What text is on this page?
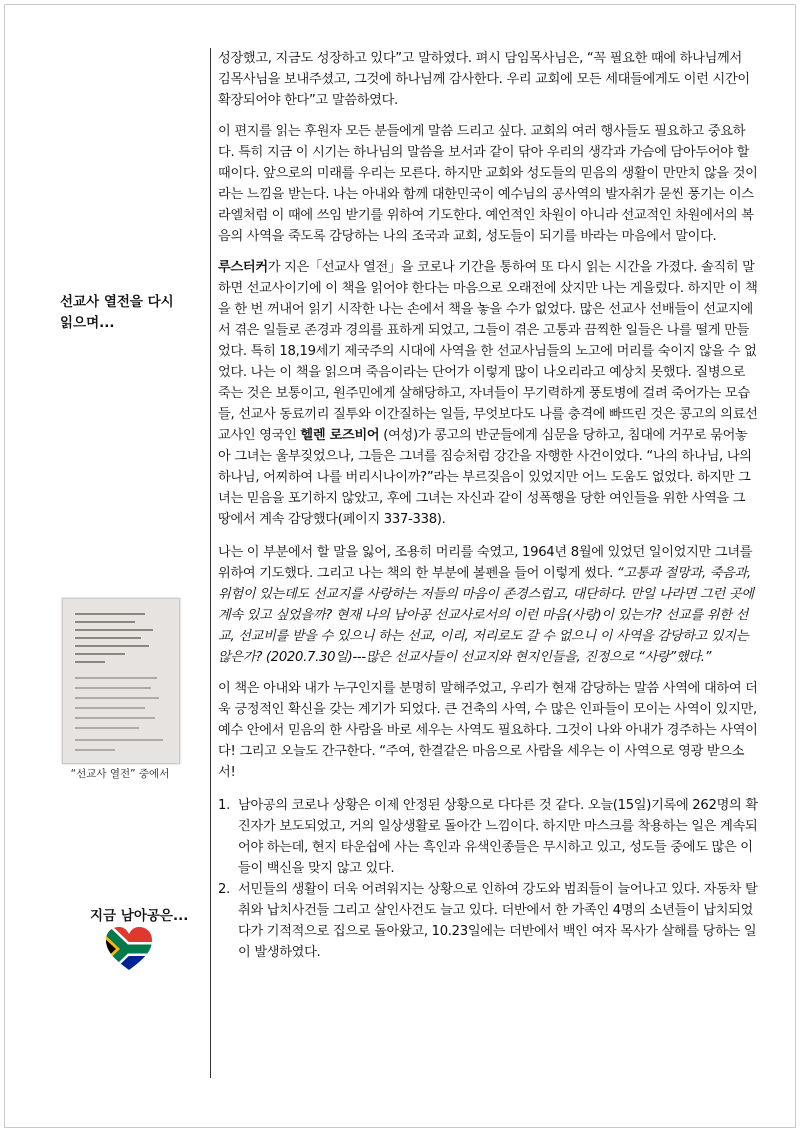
선교사 열전을 다시 읽으며...
“선교사 열전” 중에서
지금 남아공은...

성장했고, 지금도 성장하고 있다”고 말하였다. 펴시 담임목사님은, “꼭 필요한 때에 하나님께서 김목사님을 보내주셨고, 그것에 하나님께 감사한다. 우리 교회에 모든 세대들에게도 이런 시간이 확장되어야 한다”고 말씀하였다.

이 편지를 읽는 후원자 모든 분들에게 말씀 드리고 싶다. 교회의 여러 행사들도 필요하고 중요하다. 특히 지금 이 시기는 하나님의 말씀을 보서과 같이 닦아 우리의 생각과 가슴에 담아두어야 할 때이다. 앞으로의 미래를 우리는 모른다. 하지만 교회와 성도들의 믿음의 생활이 만만치 않을 것이라는 느낌을 받는다. 나는 아내와 함께 대한민국이 예수님의 공사역의 발자취가 묻씬 풍기는 이스라엘처럼 이 때에 쓰임 받기를 위하여 기도한다. 예언적인 차원이 아니라 선교적인 차원에서의 복음의 사역을 죽도록 감당하는 나의 조국과 교회, 성도들이 되기를 바라는 마음에서 말이다.

루스터커가 지은「선교사 열전」을 코로나 기간을 통하여 또 다시 읽는 시간을 가졌다. 솔직히 말하면 선교사이기에 이 책을 읽어야 한다는 마음으로 오래전에 샀지만 나는 게을렀다. 하지만 이 책을 한 번 꺼내어 읽기 시작한 나는 손에서 책을 놓을 수가 없었다. 많은 선교사 선배들이 선교지에서 겪은 일들로 존경과 경의를 표하게 되었고, 그들이 겪은 고통과 끔찍한 일들은 나를 떨게 만들었다. 특히 18,19세기 제국주의 시대에 사역을 한 선교사님들의 노고에 머리를 숙이지 않을 수 없었다. 나는 이 책을 읽으며 죽음이라는 단어가 이렇게 많이 나오리라고 예상치 못했다. 질병으로 죽는 것은 보통이고, 원주민에게 살해당하고, 자녀들이 무기력하게 풍토병에 걸려 죽어가는 모습들, 선교사 동료끼리 질투와 이간질하는 일들, 무엇보다도 나를 충격에 빠뜨린 것은 콩고의 의료선교사인 영국인 헬렌 로즈비어 (여성)가 콩고의 반군들에게 심문을 당하고, 침대에 거꾸로 묶어놓아 그녀는 울부짖었으나, 그들은 그녀를 짐승처럼 강간을 자행한 사건이었다. “나의 하나님, 나의 하나님, 어찌하여 나를 버리시나이까?”라는 부르짖음이 있었지만 어느 도움도 없었다. 하지만 그녀는 믿음을 포기하지 않았고, 후에 그녀는 자신과 같이 성폭행을 당한 여인들을 위한 사역을 그 땅에서 계속 감당했다(페이지 337-338).

나는 이 부분에서 할 말을 잃어, 조용히 머리를 숙였고, 1964년 8월에 있었던 일이었지만 그녀를 위하여 기도했다. 그리고 나는 책의 한 부분에 볼펜을 들어 이렇게 썼다. “고통과 절망과, 죽음과, 위험이 있는데도 선교지를 사랑하는 저들의 마음이 존경스럽고, 대단하다. 만일 나라면 그런 곳에 계속 있고 싶었을까? 현재 나의 남아공 선교사로서의 이런 마음(사랑)이 있는가? 선교를 위한 선교, 선교비를 받을 수 있으니 하는 선교, 이리, 저리로도 갈 수 없으니 이 사역을 감당하고 있지는 않은가? (2020.7.30일)---많은 선교사들이 선교지와 현지인들을, 진정으로 “사랑”했다.”

이 책은 아내와 내가 누구인지를 분명히 말해주었고, 우리가 현재 감당하는 말씀 사역에 대하여 더욱 긍정적인 확신을 갖는 계기가 되었다. 큰 건축의 사역, 수 많은 인파들이 모이는 사역이 있지만, 예수 안에서 믿음의 한 사람을 바로 세우는 사역도 필요하다. 그것이 나와 아내가 경주하는 사역이다! 그리고 오늘도 간구한다. “주여, 한결같은 마음으로 사람을 세우는 이 사역으로 영광 받으소서!

1. 남아공의 코로나 상황은 이제 안정된 상황으로 다다른 것 같다. 오늘(15일)기록에 262명의 확진자가 보도되었고, 거의 일상생활로 돌아간 느낌이다. 하지만 마스크를 착용하는 일은 계속되어야 하는데, 현지 타운쉽에 사는 흑인과 유색인종들은 무시하고 있고, 성도들 중에도 많은 이들이 백신을 맞지 않고 있다.
2. 서민들의 생활이 더욱 어려워지는 상황으로 인하여 강도와 범죄들이 늘어나고 있다. 자동차 탈취와 납치사건들 그리고 살인사건도 늘고 있다. 더반에서 한 가족인 4명의 소년들이 납치되었다가 기적적으로 집으로 돌아왔고, 10.23일에는 더반에서 백인 여자 목사가 살해를 당하는 일이 발생하였다.
